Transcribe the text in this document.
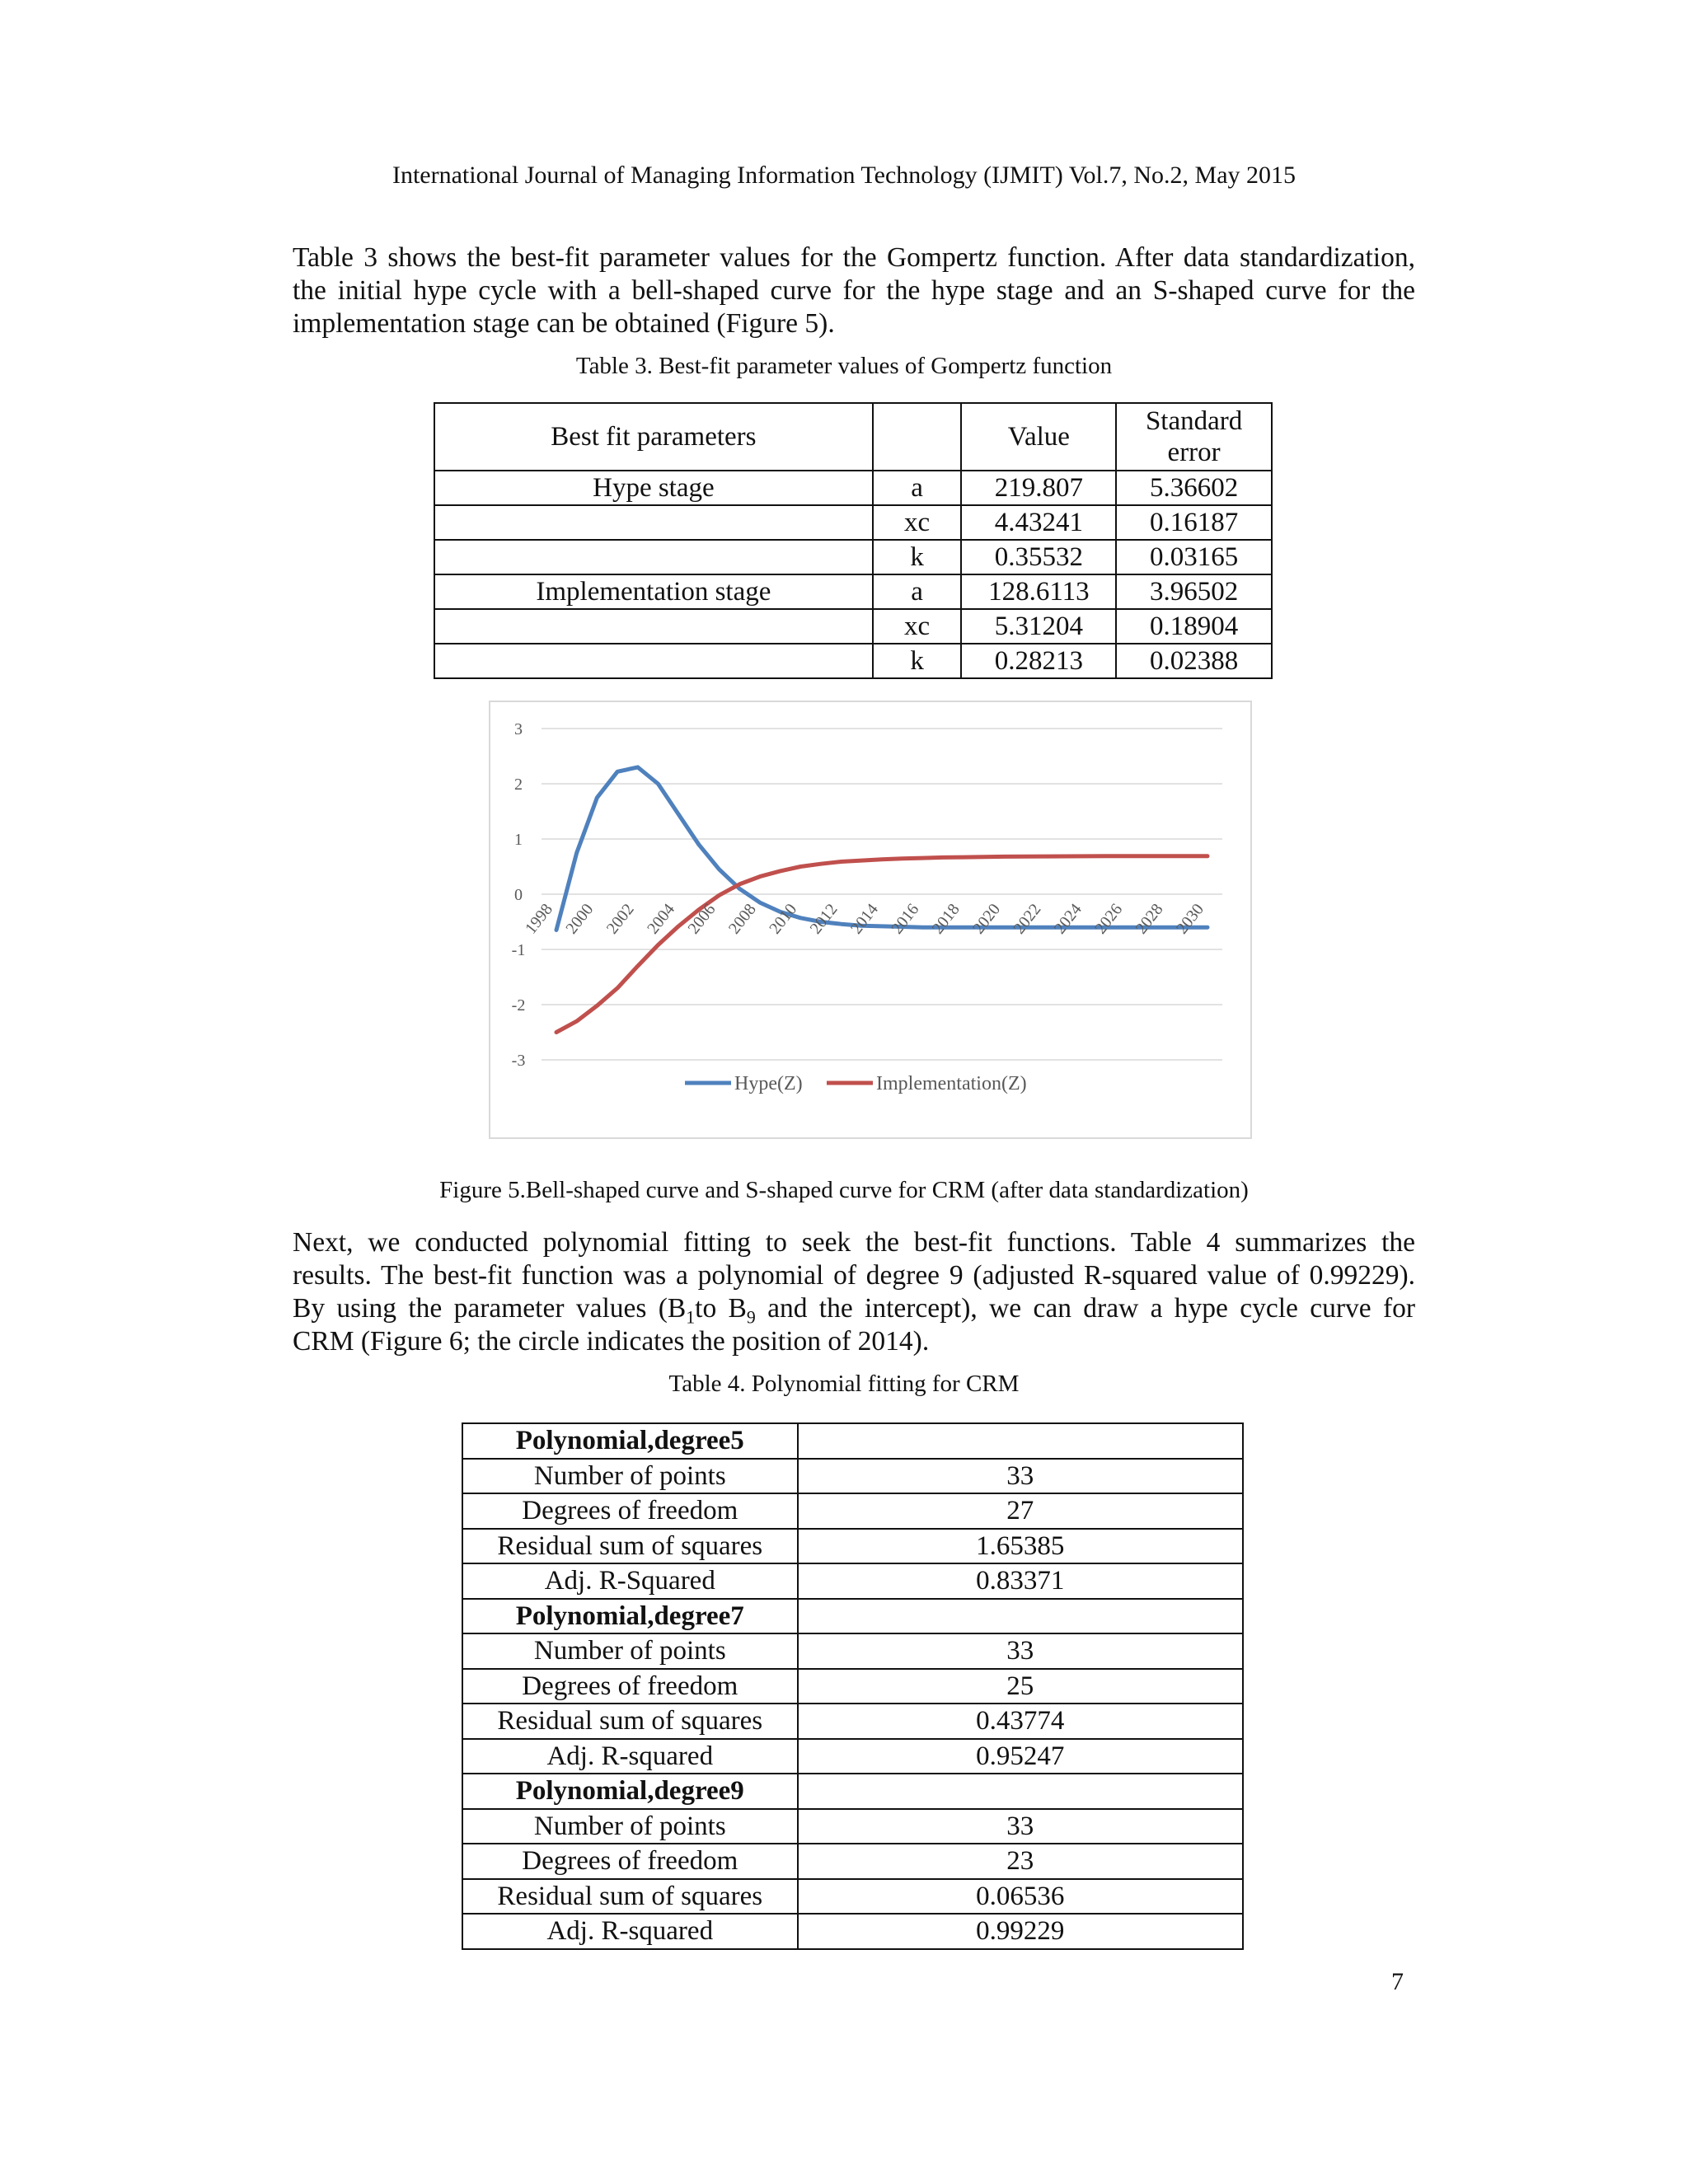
International Journal of Managing Information Technology (IJMIT) Vol.7, No.2, May 2015
Table 3 shows the best-fit parameter values for the Gompertz function. After data standardization,
the initial hype cycle with a bell-shaped curve for the hype stage and an S-shaped curve for the
implementation stage can be obtained (Figure 5).
Table 3. Best-fit parameter values of Gompertz function
Best fit parameters		Value	Standard error
Hype stage	a	219.807	5.36602
	xc	4.43241	0.16187
	k	0.35532	0.03165
Implementation stage	a	128.6113	3.96502
	xc	5.31204	0.18904
	k	0.28213	0.02388
3
2
1
0
-1
-2
-3
1998 2000 2002 2004 2006 2008 2010 2012 2014 2016 2018 2020 2022 2024 2026 2028 2030
Hype(Z)	Implementation(Z)
Figure 5.Bell-shaped curve and S-shaped curve for CRM (after data standardization)
Next, we conducted polynomial fitting to seek the best-fit functions. Table 4 summarizes the
results. The best-fit function was a polynomial of degree 9 (adjusted R-squared value of 0.99229).
By using the parameter values ($B_1to$ $B_9$ and the intercept), we can draw a hype cycle curve for
CRM (Figure 6; the circle indicates the position of 2014).
Table 4. Polynomial fitting for CRM
Polynomial,degree5	
Number of points	33
Degrees of freedom	27
Residual sum of squares	1.65385
Adj. R-Squared	0.83371
Polynomial,degree7	
Number of points	33
Degrees of freedom	25
Residual sum of squares	0.43774
Adj. R-squared	0.95247
Polynomial,degree9	
Number of points	33
Degrees of freedom	23
Residual sum of squares	0.06536
Adj. R-squared	0.99229
7
